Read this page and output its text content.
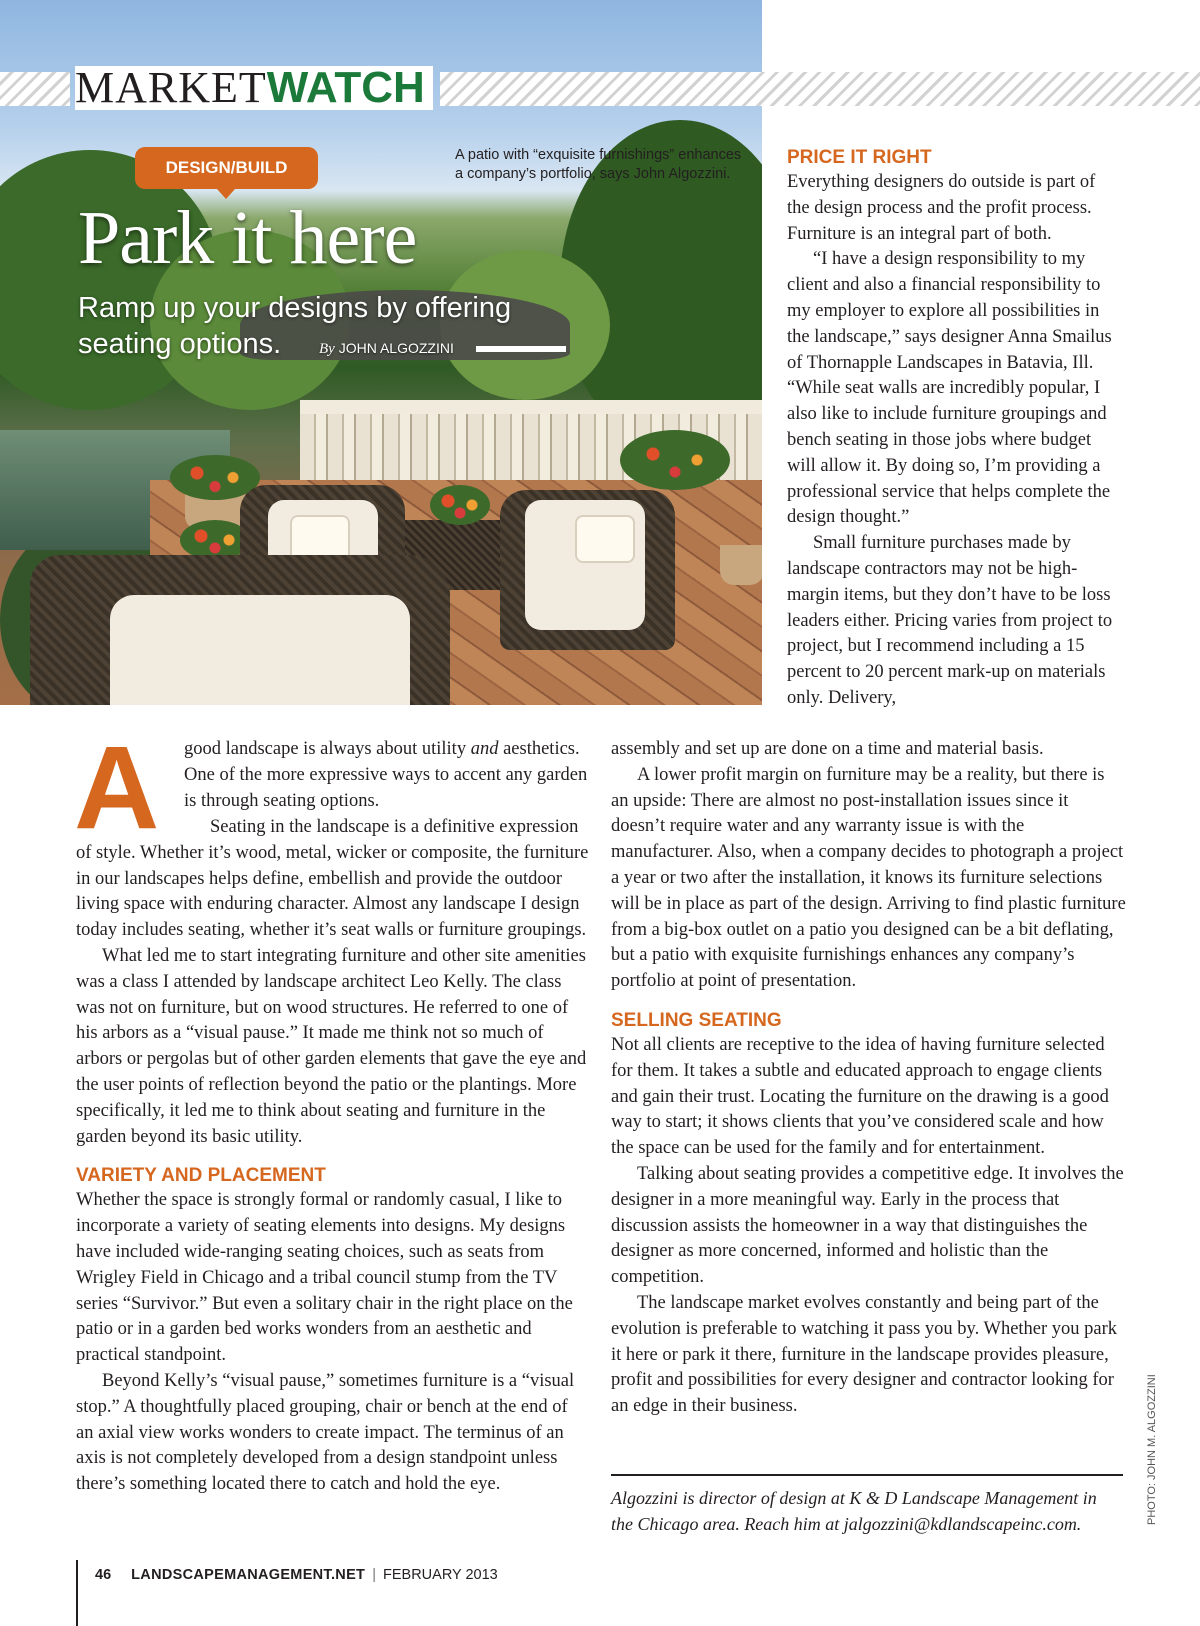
MARKETWATCH
DESIGN/BUILD
A patio with “exquisite furnishings” enhances a company’s portfolio, says John Algozzini.
Park it here
Ramp up your designs by offering seating options.	By JOHN ALGOZZINI

PRICE IT RIGHT

Everything designers do outside is part of the design process and the profit process. Furniture is an integral part of both.

“I have a design responsibility to my client and also a financial responsibility to my employer to explore all possibilities in the landscape,” says designer Anna Smailus of Thornapple Landscapes in Batavia, Ill. “While seat walls are incredibly popular, I also like to include furniture groupings and bench seating in those jobs where budget will allow it. By doing so, I’m providing a professional service that helps complete the design thought.”

Small furniture purchases made by landscape contractors may not be high-margin items, but they don’t have to be loss leaders either. Pricing varies from project to project, but I recommend including a 15 percent to 20 percent mark-up on materials only. Delivery,

A good landscape is always about utility and aesthetics. One of the more expressive ways to accent any garden is through seating options.

Seating in the landscape is a definitive expression of style. Whether it’s wood, metal, wicker or composite, the furniture in our landscapes helps define, embellish and provide the outdoor living space with enduring character. Almost any landscape I design today includes seating, whether it’s seat walls or furniture groupings.

What led me to start integrating furniture and other site amenities was a class I attended by landscape architect Leo Kelly. The class was not on furniture, but on wood structures. He referred to one of his arbors as a “visual pause.” It made me think not so much of arbors or pergolas but of other garden elements that gave the eye and the user points of reflection beyond the patio or the plantings. More specifically, it led me to think about seating and furniture in the garden beyond its basic utility.

VARIETY AND PLACEMENT

Whether the space is strongly formal or randomly casual, I like to incorporate a variety of seating elements into designs. My designs have included wide-ranging seating choices, such as seats from Wrigley Field in Chicago and a tribal council stump from the TV series “Survivor.” But even a solitary chair in the right place on the patio or in a garden bed works wonders from an aesthetic and practical standpoint.

Beyond Kelly’s “visual pause,” sometimes furniture is a “visual stop.” A thoughtfully placed grouping, chair or bench at the end of an axial view works wonders to create impact. The terminus of an axis is not completely developed from a design standpoint unless there’s something located there to catch and hold the eye.

assembly and set up are done on a time and material basis.

A lower profit margin on furniture may be a reality, but there is an upside: There are almost no post-installation issues since it doesn’t require water and any warranty issue is with the manufacturer. Also, when a company decides to photograph a project a year or two after the installation, it knows its furniture selections will be in place as part of the design. Arriving to find plastic furniture from a big-box outlet on a patio you designed can be a bit deflating, but a patio with exquisite furnishings enhances any company’s portfolio at point of presentation.

SELLING SEATING

Not all clients are receptive to the idea of having furniture selected for them. It takes a subtle and educated approach to engage clients and gain their trust. Locating the furniture on the drawing is a good way to start; it shows clients that you’ve considered scale and how the space can be used for the family and for entertainment.

Talking about seating provides a competitive edge. It involves the designer in a more meaningful way. Early in the process that discussion assists the homeowner in a way that distinguishes the designer as more concerned, informed and holistic than the competition.

The landscape market evolves constantly and being part of the evolution is preferable to watching it pass you by. Whether you park it here or park it there, furniture in the landscape provides pleasure, profit and possibilities for every designer and contractor looking for an edge in their business.

Algozzini is director of design at K & D Landscape Management in the Chicago area. Reach him at jalgozzini@kdlandscapeinc.com.	PHOTO: JOHN M. ALGOZZINI
46 LANDSCAPEMANAGEMENT.NET | FEBRUARY 2013
